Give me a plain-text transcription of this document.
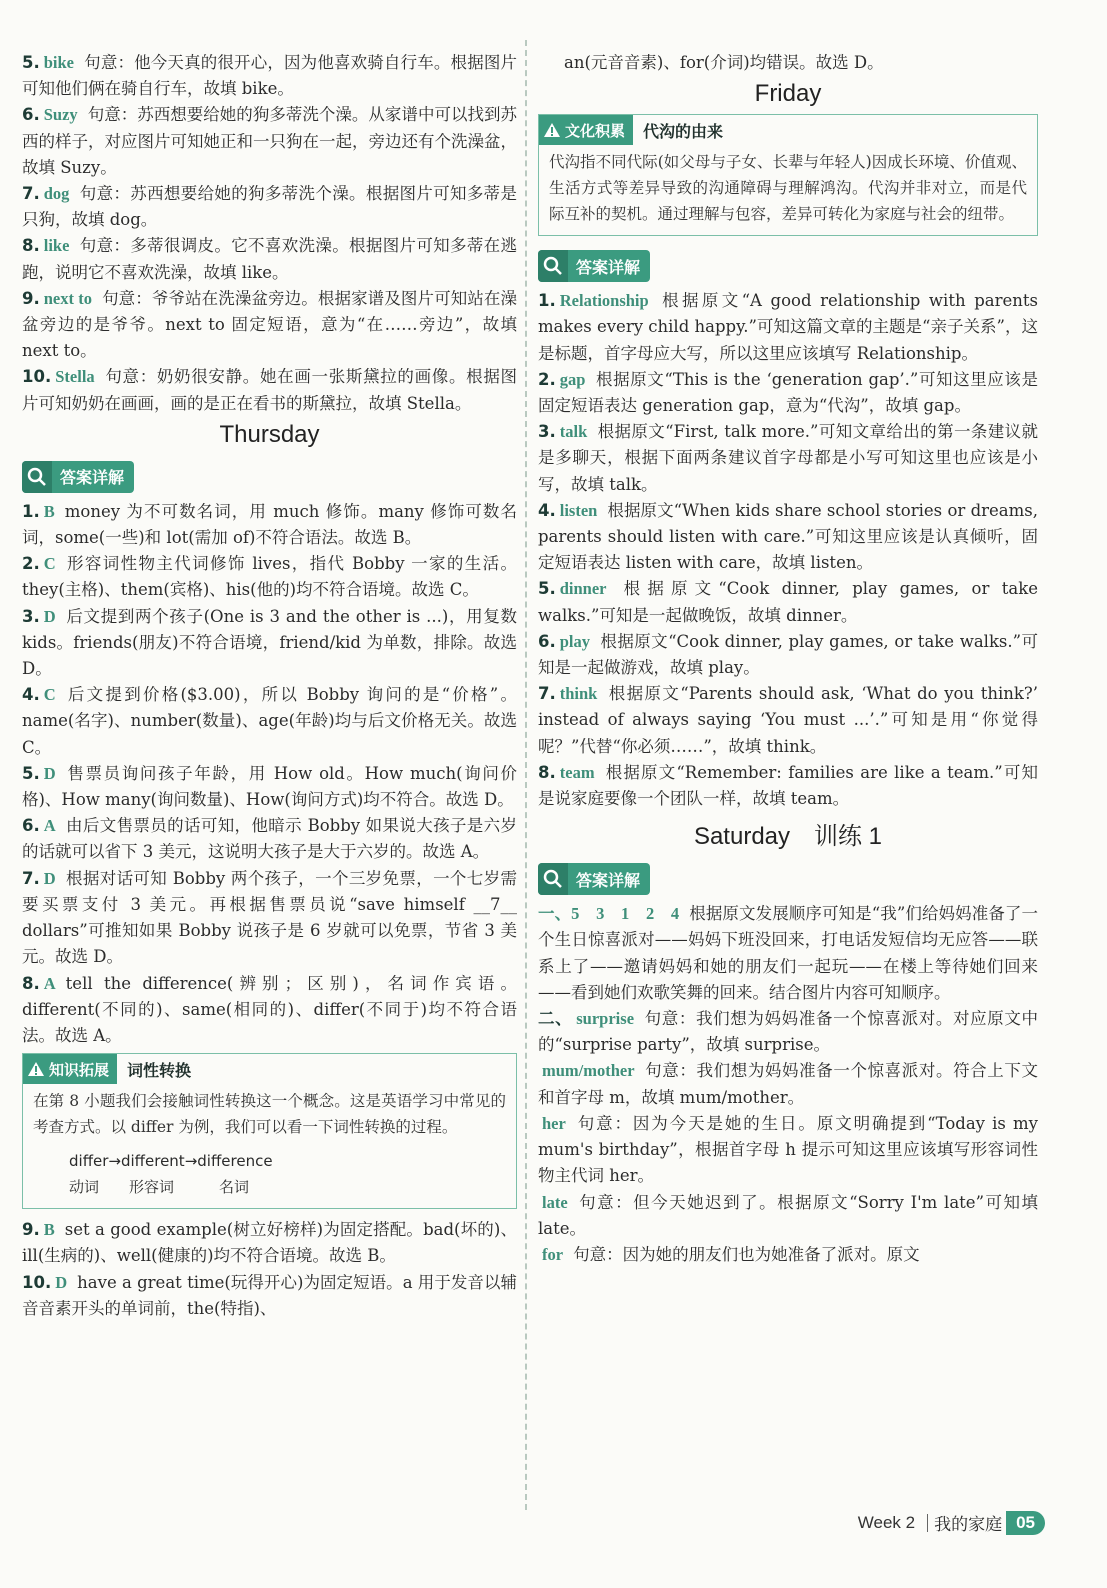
5. bike 句意：他今天真的很开心，因为他喜欢骑自行车。根据图片可知他们俩在骑自行车，故填 bike。

6. Suzy 句意：苏西想要给她的狗多蒂洗个澡。从家谱中可以找到苏西的样子，对应图片可知她正和一只狗在一起，旁边还有个洗澡盆，故填 Suzy。

7. dog 句意：苏西想要给她的狗多蒂洗个澡。根据图片可知多蒂是只狗，故填 dog。

8. like 句意：多蒂很调皮。它不喜欢洗澡。根据图片可知多蒂在逃跑，说明它不喜欢洗澡，故填 like。

9. next to 句意：爷爷站在洗澡盆旁边。根据家谱及图片可知站在澡盆旁边的是爷爷。next to 固定短语，意为“在……旁边”，故填 next to。

10. Stella 句意：奶奶很安静。她在画一张斯黛拉的画像。根据图片可知奶奶在画画，画的是正在看书的斯黛拉，故填 Stella。

Thursday
答案详解

1. B money 为不可数名词，用 much 修饰。many 修饰可数名词，some(一些)和 lot(需加 of)不符合语法。故选 B。

2. C 形容词性物主代词修饰 lives，指代 Bobby 一家的生活。they(主格)、them(宾格)、his(他的)均不符合语境。故选 C。

3. D 后文提到两个孩子(One is 3 and the other is ...)，用复数 kids。friends(朋友)不符合语境，friend/kid 为单数，排除。故选 D。

4. C 后文提到价格($3.00)，所以 Bobby 询问的是“价格”。name(名字)、number(数量)、age(年龄)均与后文价格无关。故选 C。

5. D 售票员询问孩子年龄，用 How old。How much(询问价格)、How many(询问数量)、How(询问方式)均不符合。故选 D。

6. A 由后文售票员的话可知，他暗示 Bobby 如果说大孩子是六岁的话就可以省下 3 美元，这说明大孩子是大于六岁的。故选 A。

7. D 根据对话可知 Bobby 两个孩子，一个三岁免票，一个七岁需要买票支付 3 美元。再根据售票员说“save himself __7__ dollars”可推知如果 Bobby 说孩子是 6 岁就可以免票，节省 3 美元。故选 D。

8. A tell the difference(辨别；区别)，名词作宾语。different(不同的)、same(相同的)、differ(不同于)均不符合语法。故选 A。

知识拓展 词性转换
在第 8 小题我们会接触词性转换这一个概念。这是英语学习中常见的考查方式。以 differ 为例，我们可以看一下词性转换的过程。
differ→different→difference
动词　　形容词　　　名词

9. B set a good example(树立好榜样)为固定搭配。bad(坏的)、ill(生病的)、well(健康的)均不符合语境。故选 B。

10. D have a great time(玩得开心)为固定短语。a 用于发音以辅音音素开头的单词前，the(特指)、

an(元音音素)、for(介词)均错误。故选 D。

Friday
文化积累 代沟的由来
代沟指不同代际(如父母与子女、长辈与年轻人)因成长环境、价值观、生活方式等差异导致的沟通障碍与理解鸿沟。代沟并非对立，而是代际互补的契机。通过理解与包容，差异可转化为家庭与社会的纽带。
答案详解

1. Relationship 根据原文“A good relationship with parents makes every child happy.”可知这篇文章的主题是“亲子关系”，这是标题，首字母应大写，所以这里应该填写 Relationship。

2. gap 根据原文“This is the ‘generation gap’.”可知这里应该是固定短语表达 generation gap，意为“代沟”，故填 gap。

3. talk 根据原文“First, talk more.”可知文章给出的第一条建议就是多聊天，根据下面两条建议首字母都是小写可知这里也应该是小写，故填 talk。

4. listen 根据原文“When kids share school stories or dreams, parents should listen with care.”可知这里应该是认真倾听，固定短语表达 listen with care，故填 listen。

5. dinner 根据原文“Cook dinner, play games, or take walks.”可知是一起做晚饭，故填 dinner。

6. play 根据原文“Cook dinner, play games, or take walks.”可知是一起做游戏，故填 play。

7. think 根据原文“Parents should ask, ‘What do you think?’ instead of always saying ‘You must ...’.”可知是用“你觉得呢？”代替“你必须……”，故填 think。

8. team 根据原文“Remember: families are like a team.”可知是说家庭要像一个团队一样，故填 team。

Saturday　训练 1
答案详解

一、5　3　1　2　4 根据原文发展顺序可知是“我”们给妈妈准备了一个生日惊喜派对——妈妈下班没回来，打电话发短信均无应答——联系上了——邀请妈妈和她的朋友们一起玩——在楼上等待她们回来——看到她们欢歌笑舞的回来。结合图片内容可知顺序。

二、 surprise 句意：我们想为妈妈准备一个惊喜派对。对应原文中的“surprise party”，故填 surprise。

mum/mother 句意：我们想为妈妈准备一个惊喜派对。符合上下文和首字母 m，故填 mum/mother。

her 句意：因为今天是她的生日。原文明确提到“Today is my mum's birthday”，根据首字母 h 提示可知这里应该填写形容词性物主代词 her。

late 句意：但今天她迟到了。根据原文“Sorry I'm late”可知填 late。

for 句意：因为她的朋友们也为她准备了派对。原文

Week 2 我的家庭 05
